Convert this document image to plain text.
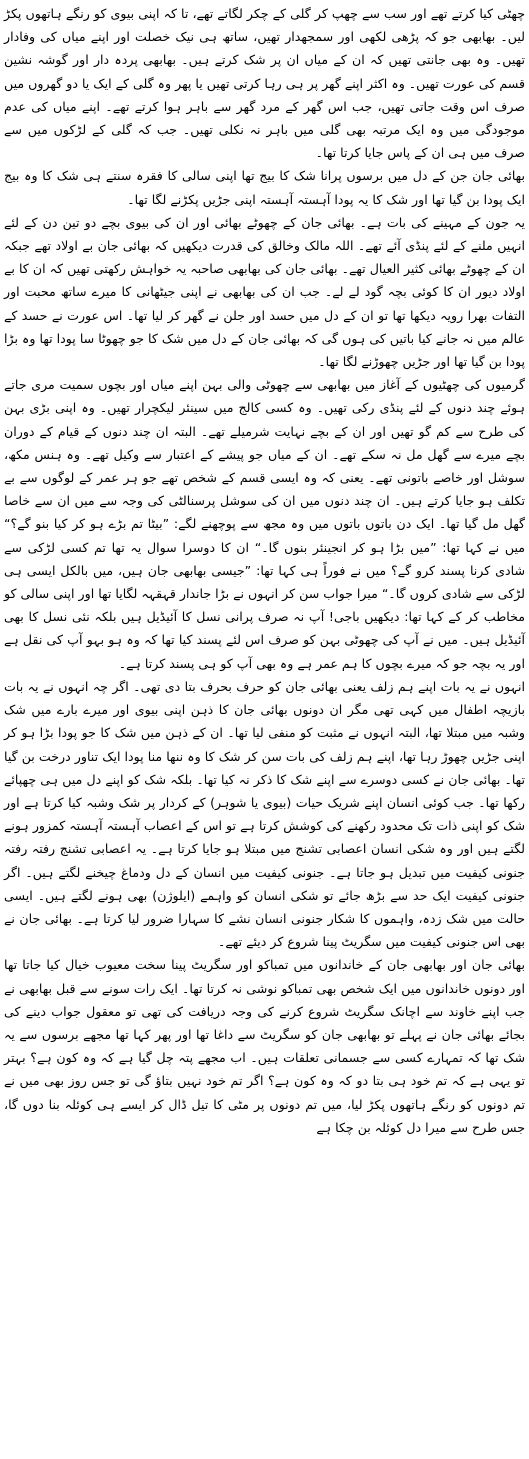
چھٹی کیا کرتے تھے اور سب سے چھپ کر گلی کے چکر لگاتے تھے، تا کہ اپنی بیوی کو رنگے ہاتھوں پکڑ لیں۔ بھابھی جو کہ پڑھی لکھی اور سمجھدار تھیں، ساتھ ہی نیک خصلت اور اپنے میاں کی وفادار تھیں۔ وہ بھی جانتی تھیں کہ ان کے میاں ان پر شک کرتے ہیں۔ بھابھی پردہ دار اور گوشہ نشین قسم کی عورت تھیں۔ وہ اکثر اپنے گھر پر ہی رہا کرتی تھیں یا پھر وہ گلی کے ایک یا دو گھروں میں صرف اس وقت جاتی تھیں، جب اس گھر کے مرد گھر سے باہر ہوا کرتے تھے۔ اپنے میاں کی عدم موجودگی میں وہ ایک مرتبہ بھی گلی میں باہر نہ نکلی تھیں۔ جب کہ گلی کے لڑکوں میں سے صرف میں ہی ان کے پاس جایا کرتا تھا۔

بھائی جان جن کے دل میں برسوں پرانا شک کا بیج تھا اپنی سالی کا فقرہ سنتے ہی شک کا وہ بیج ایک پودا بن گیا تھا اور شک کا یہ پودا آہستہ آہستہ اپنی جڑیں پکڑنے لگا تھا۔

یہ جون کے مہینے کی بات ہے۔ بھائی جان کے چھوٹے بھائی اور ان کی بیوی بچے دو تین دن کے لئے انہیں ملنے کے لئے پنڈی آئے تھے۔ اللہ مالک وخالق کی قدرت دیکھیں کہ بھائی جان بے اولاد تھے جبکہ ان کے چھوٹے بھائی کثیر العیال تھے۔ بھائی جان کی بھابھی صاحبہ یہ خواہش رکھتی تھیں کہ ان کا بے اولاد دیور ان کا کوئی بچہ گود لے لے۔ جب ان کی بھابھی نے اپنی جیٹھانی کا میرے ساتھ محبت اور التفات بھرا رویہ دیکھا تھا تو ان کے دل میں حسد اور جلن نے گھر کر لیا تھا۔ اس عورت نے حسد کے عالم میں نہ جانے کیا باتیں کی ہوں گی کہ بھائی جان کے دل میں شک کا جو چھوٹا سا پودا تھا وہ بڑا پودا بن گیا تھا اور جڑیں چھوڑنے لگا تھا۔

گرمیوں کی چھٹیوں کے آغاز میں بھابھی سے چھوٹی والی بہن اپنے میاں اور بچوں سمیت مری جاتے ہوئے چند دنوں کے لئے پنڈی رکی تھیں۔ وہ کسی کالج میں سینئر لیکچرار تھیں۔ وہ اپنی بڑی بہن کی طرح سے کم گو تھیں اور ان کے بچے نہایت شرمیلے تھے۔ البتہ ان چند دنوں کے قیام کے دوران بچے میرے سے گھل مل نہ سکے تھے۔ ان کے میاں جو پیشے کے اعتبار سے وکیل تھے۔ وہ ہنس مکھ، سوشل اور خاصے باتونی تھے۔ یعنی کہ وہ ایسی قسم کے شخص تھے جو ہر عمر کے لوگوں سے بے تکلف ہو جایا کرتے ہیں۔ ان چند دنوں میں ان کی سوشل پرسنالٹی کی وجہ سے میں ان سے خاصا گھل مل گیا تھا۔ ایک دن باتوں باتوں میں وہ مجھ سے پوچھنے لگے: ”بیٹا تم بڑے ہو کر کیا بنو گے؟“ میں نے کہا تھا: ”میں بڑا ہو کر انجینئر بنوں گا۔“ ان کا دوسرا سوال یہ تھا تم کسی لڑکی سے شادی کرنا پسند کرو گے؟ میں نے فوراً ہی کہا تھا: ”جیسی بھابھی جان ہیں، میں بالکل ایسی ہی لڑکی سے شادی کروں گا۔“ میرا جواب سن کر انہوں نے بڑا جاندار قہقہہ لگایا تھا اور اپنی سالی کو مخاطب کر کے کہا تھا: دیکھیں باجی! آپ نہ صرف پرانی نسل کا آئیڈیل ہیں بلکہ نئی نسل کا بھی آئیڈیل ہیں۔ میں نے آپ کی چھوٹی بہن کو صرف اس لئے پسند کیا تھا کہ وہ ہو بہو آپ کی نقل ہے اور یہ بچہ جو کہ میرے بچوں کا ہم عمر ہے وہ بھی آپ کو ہی پسند کرتا ہے۔

انہوں نے یہ بات اپنے ہم زلف یعنی بھائی جان کو حرف بحرف بتا دی تھی۔ اگر چہ انہوں نے یہ بات بازیچہ اطفال میں کہی تھی مگر ان دونوں بھائی جان کا ذہن اپنی بیوی اور میرے بارے میں شک وشبہ میں مبتلا تھا، البتہ انہوں نے مثبت کو منفی لیا تھا۔ ان کے ذہن میں شک کا جو پودا بڑا ہو کر اپنی جڑیں چھوڑ رہا تھا، اپنے ہم زلف کی بات سن کر شک کا وہ ننھا منا پودا ایک تناور درخت بن گیا تھا۔ بھائی جان نے کسی دوسرے سے اپنے شک کا ذکر نہ کیا تھا۔ بلکہ شک کو اپنے دل میں ہی چھپائے رکھا تھا۔ جب کوئی انسان اپنے شریک حیات (بیوی یا شوہر) کے کردار پر شک وشبہ کیا کرتا ہے اور شک کو اپنی ذات تک محدود رکھنے کی کوشش کرتا ہے تو اس کے اعصاب آہستہ آہستہ کمزور ہونے لگتے ہیں اور وہ شکی انسان اعصابی تشنج میں مبتلا ہو جایا کرتا ہے۔ یہ اعصابی تشنج رفتہ رفتہ جنونی کیفیت میں تبدیل ہو جاتا ہے۔ جنونی کیفیت میں انسان کے دل ودماغ چیخنے لگتے ہیں۔ اگر جنونی کیفیت ایک حد سے بڑھ جائے تو شکی انسان کو واہمے (ایلوژن) بھی ہونے لگتے ہیں۔ ایسی حالت میں شک زدہ، واہموں کا شکار جنونی انسان نشے کا سہارا ضرور لیا کرتا ہے۔ بھائی جان نے بھی اس جنونی کیفیت میں سگریٹ پینا شروع کر دیئے تھے۔

بھائی جان اور بھابھی جان کے خاندانوں میں تمباکو اور سگریٹ پینا سخت معیوب خیال کیا جاتا تھا اور دونوں خاندانوں میں ایک شخص بھی تمباکو نوشی نہ کرتا تھا۔ ایک رات سونے سے قبل بھابھی نے جب اپنے خاوند سے اچانک سگریٹ شروع کرنے کی وجہ دریافت کی تھی تو معقول جواب دینے کی بجائے بھائی جان نے پہلے تو بھابھی جان کو سگریٹ سے داغا تھا اور پھر کہا تھا مجھے برسوں سے یہ شک تھا کہ تمہارے کسی سے جسمانی تعلقات ہیں۔ اب مجھے پتہ چل گیا ہے کہ وہ کون ہے؟ بہتر تو یہی ہے کہ تم خود ہی بتا دو کہ وہ کون ہے؟ اگر تم خود نہیں بتاؤ گی تو جس روز بھی میں نے تم دونوں کو رنگے ہاتھوں پکڑ لیا، میں تم دونوں پر مٹی کا تیل ڈال کر ایسے ہی کوئلہ بنا دوں گا، جس طرح سے میرا دل کوئلہ بن چکا ہے
